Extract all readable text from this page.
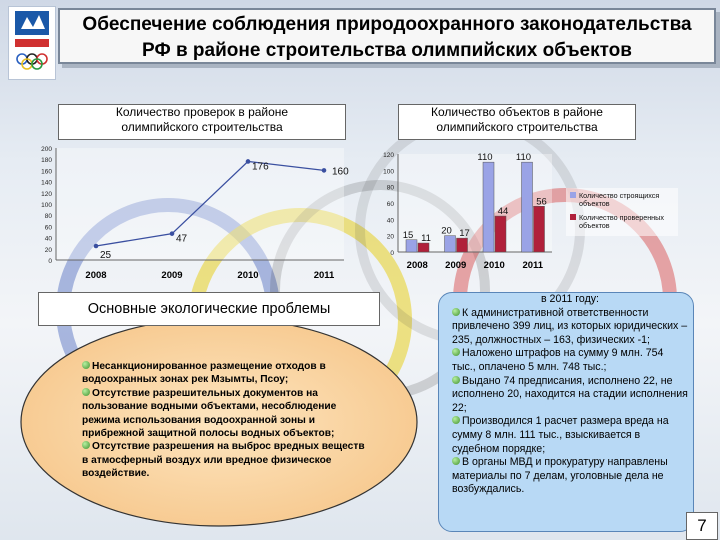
Обеспечение соблюдения природоохранного законодательства
РФ в районе строительства олимпийских объектов
Количество проверок в районе
олимпийского строительства
Количество объектов в районе
олимпийского строительства
0
20
40
60
80
100
120
140
160
180
200
2008	2009	2010	2011
25
47
176	160
0
20
40
60
80
100
120
15 11
2008
20 17
2009
110
44
2010
110
56
2011
Количество строящихся объектов
Количество проверенных объектов
Основные экологические проблемы

Несанкционированное размещение отходов в водоохранных зонах рек Мзымты, Псоу;

Отсутствие разрешительных документов на пользование водными объектами, несоблюдение режима использования водоохранной зоны и прибрежной защитной полосы водных объектов;

Отсутствие разрешения на выброс вредных веществ в атмосферный воздух или вредное физическое воздействие.

в 2011 году:

К административной ответственности привлечено 399 лиц, из которых юридических – 235, должностных – 163, физических -1;

Наложено штрафов на сумму 9 млн. 754 тыс., оплачено 5 млн. 748 тыс.;

Выдано 74 предписания, исполнено 22, не исполнено 20, находится на стадии исполнения 22;

Производился 1 расчет размера вреда на сумму 8 млн. 111 тыс., взыскивается в судебном порядке;

В органы МВД и прокуратуру направлены материалы по 7 делам, уголовные дела не возбуждались.

7
